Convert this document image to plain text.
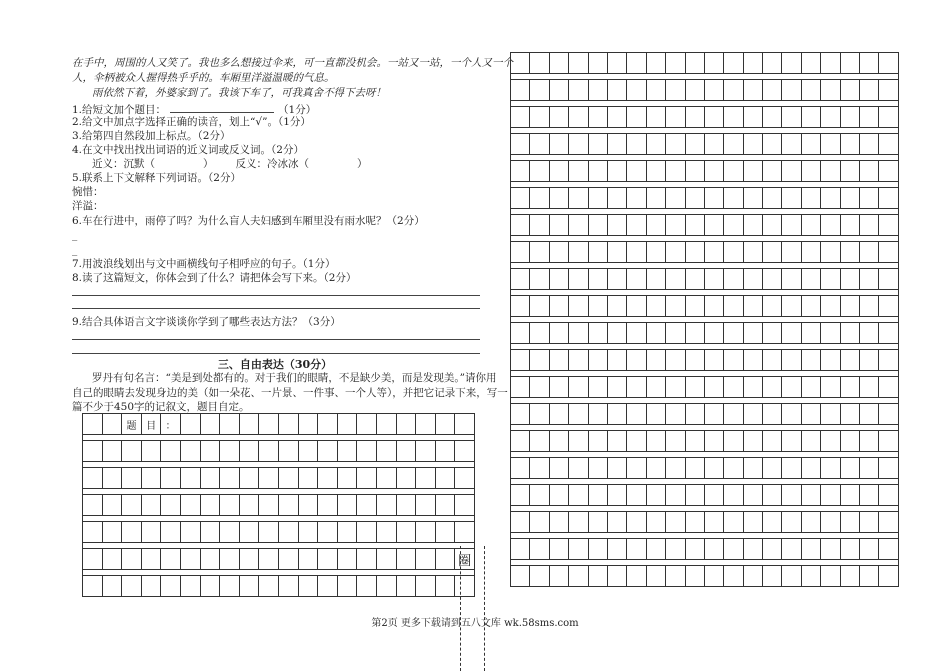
在手中，周围的人又笑了。我也多么想接过伞来，可一直都没机会。一站又一站，一个人又一个
人，伞柄被众人握得热乎乎的。车厢里洋溢温暖的气息。
雨依然下着，外婆家到了。我该下车了，可我真舍不得下去呀！
1.给短文加个题目：	（1分）
2.给文中加点字选择正确的读音，划上“√”。（1分）
3.给第四自然段加上标点。（2分）
4.在文中找出找出词语的近义词或反义词。（2分）
近义：沉默（	） 反义：冷冰冰（	）
5.联系上下文解释下列词语。（2分）
惋惜：
洋溢：
6.车在行进中，雨停了吗？为什么盲人夫妇感到车厢里没有雨水呢？（2分）
_
_
7.用波浪线划出与文中画横线句子相呼应的句子。（1分）
8.读了这篇短文，你体会到了什么？请把体会写下来。（2分）
9.结合具体语言文字谈谈你学到了哪些表达方法？（3分）
三、自由表达（30分）
罗丹有句名言：“美是到处都有的。对于我们的眼睛，不是缺少美，而是发现美。”请你用
自己的眼睛去发现身边的美（如一朵花、一片景、一件事、一个人等），并把它记录下来，写一
篇不少于450字的记叙文，题目自定。
题 目 ：
圈
第2页 更多下载请到五八文库 wk.58sms.com
